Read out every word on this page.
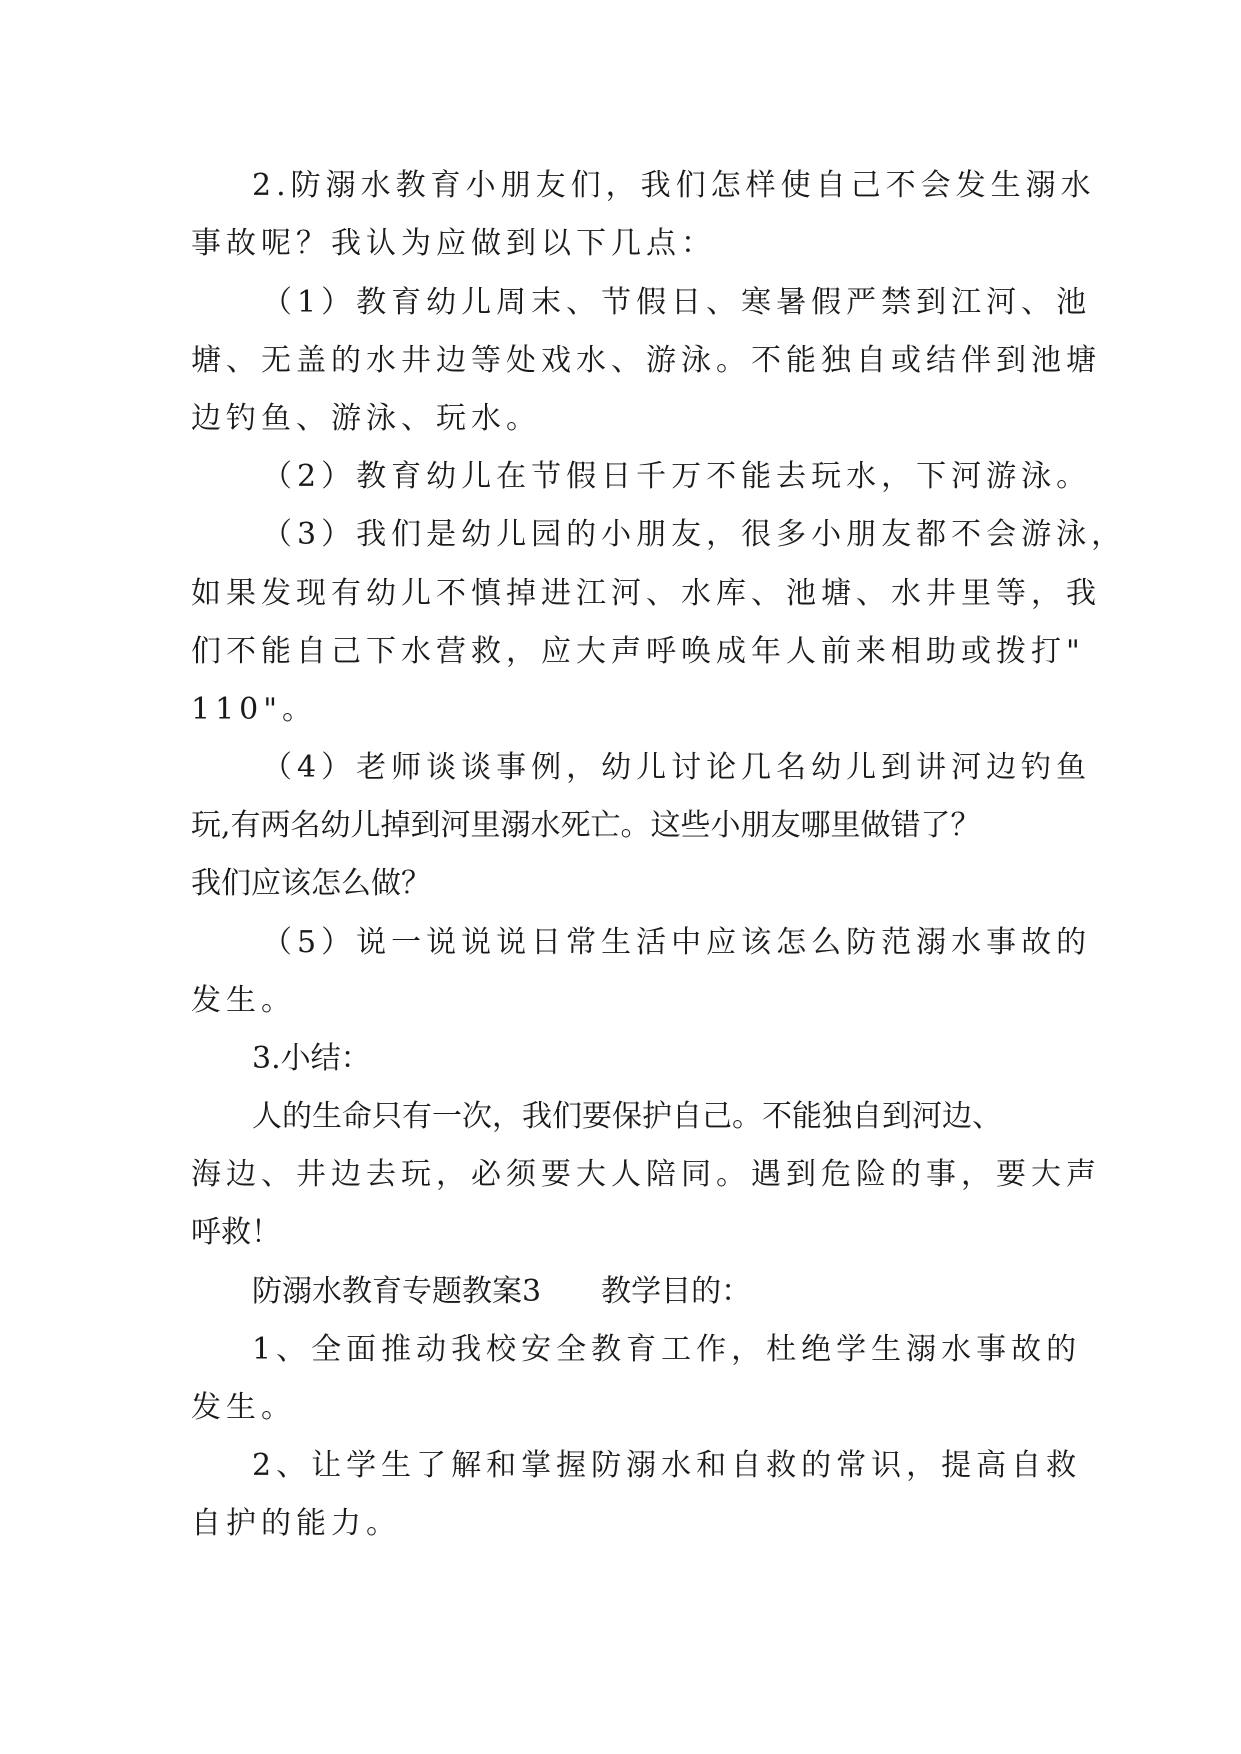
2.防溺水教育小朋友们，我们怎样使自己不会发生溺水
事故呢？我认为应做到以下几点：
（1）教育幼儿周末、节假日、寒暑假严禁到江河、池
塘、无盖的水井边等处戏水、游泳。不能独自或结伴到池塘
边钓鱼、游泳、玩水。
（2）教育幼儿在节假日千万不能去玩水，下河游泳。
（3）我们是幼儿园的小朋友，很多小朋友都不会游泳，
如果发现有幼儿不慎掉进江河、水库、池塘、水井里等，我
们不能自己下水营救，应大声呼唤成年人前来相助或拨打"
110"。
（4）老师谈谈事例，幼儿讨论几名幼儿到讲河边钓鱼
玩,有两名幼儿掉到河里溺水死亡。这些小朋友哪里做错了？
我们应该怎么做？
（5）说一说说说日常生活中应该怎么防范溺水事故的
发生。
3.小结：
人的生命只有一次，我们要保护自己。不能独自到河边、
海边、井边去玩，必须要大人陪同。遇到危险的事，要大声
呼救！
防溺水教育专题教案3　　教学目的：
1、全面推动我校安全教育工作，杜绝学生溺水事故的
发生。
2、让学生了解和掌握防溺水和自救的常识，提高自救
自护的能力。
